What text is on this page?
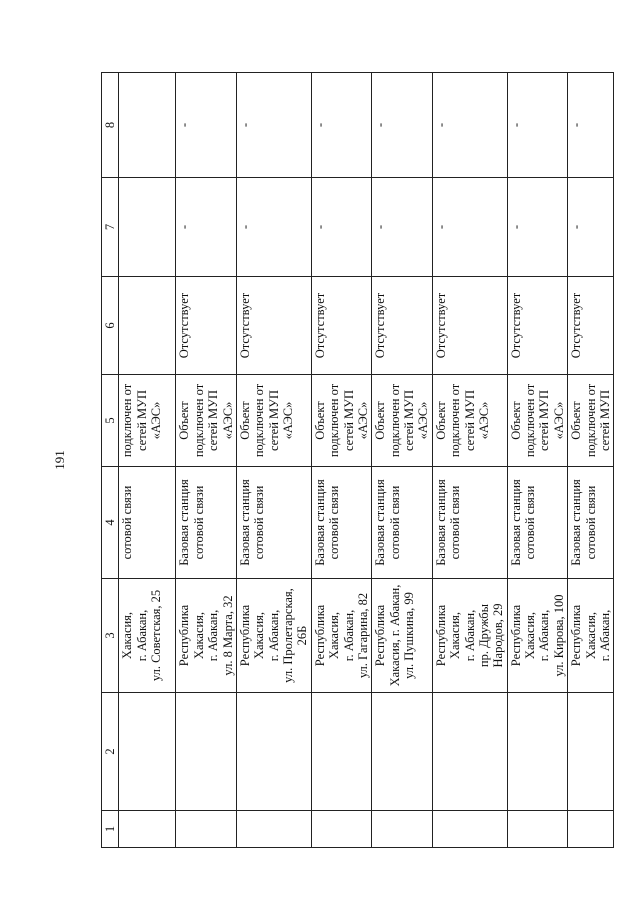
191
1	2	3	4	5	6	7	8
		Хакасия,
г. Абакан,
ул. Советская, 25	сотовой связи	подключен от
сетей МУП
«АЭС»			
		Республика
Хакасия,
г. Абакан,
ул. 8 Марта, 32	Базовая станция
сотовой связи	Объект
подключен от
сетей МУП
«АЭС»	Отсутствует	-	-
		Республика
Хакасия,
г. Абакан,
ул. Пролетарская,
26Б	Базовая станция
сотовой связи	Объект
подключен от
сетей МУП
«АЭС»	Отсутствует	-	-
		Республика
Хакасия,
г. Абакан,
ул. Гагарина, 82	Базовая станция
сотовой связи	Объект
подключен от
сетей МУП
«АЭС»	Отсутствует	-	-
		Республика
Хакасия, г. Абакан,
ул. Пушкина, 99	Базовая станция
сотовой связи	Объект
подключен от
сетей МУП
«АЭС»	Отсутствует	-	-
		Республика
Хакасия,
г. Абакан,
пр. Дружбы
Народов, 29	Базовая станция
сотовой связи	Объект
подключен от
сетей МУП
«АЭС»	Отсутствует	-	-
		Республика
Хакасия,
г. Абакан,
ул. Кирова, 100	Базовая станция
сотовой связи	Объект
подключен от
сетей МУП
«АЭС»	Отсутствует	-	-
		Республика
Хакасия,
г. Абакан,	Базовая станция
сотовой связи	Объект
подключен от
сетей МУП	Отсутствует	-	-
